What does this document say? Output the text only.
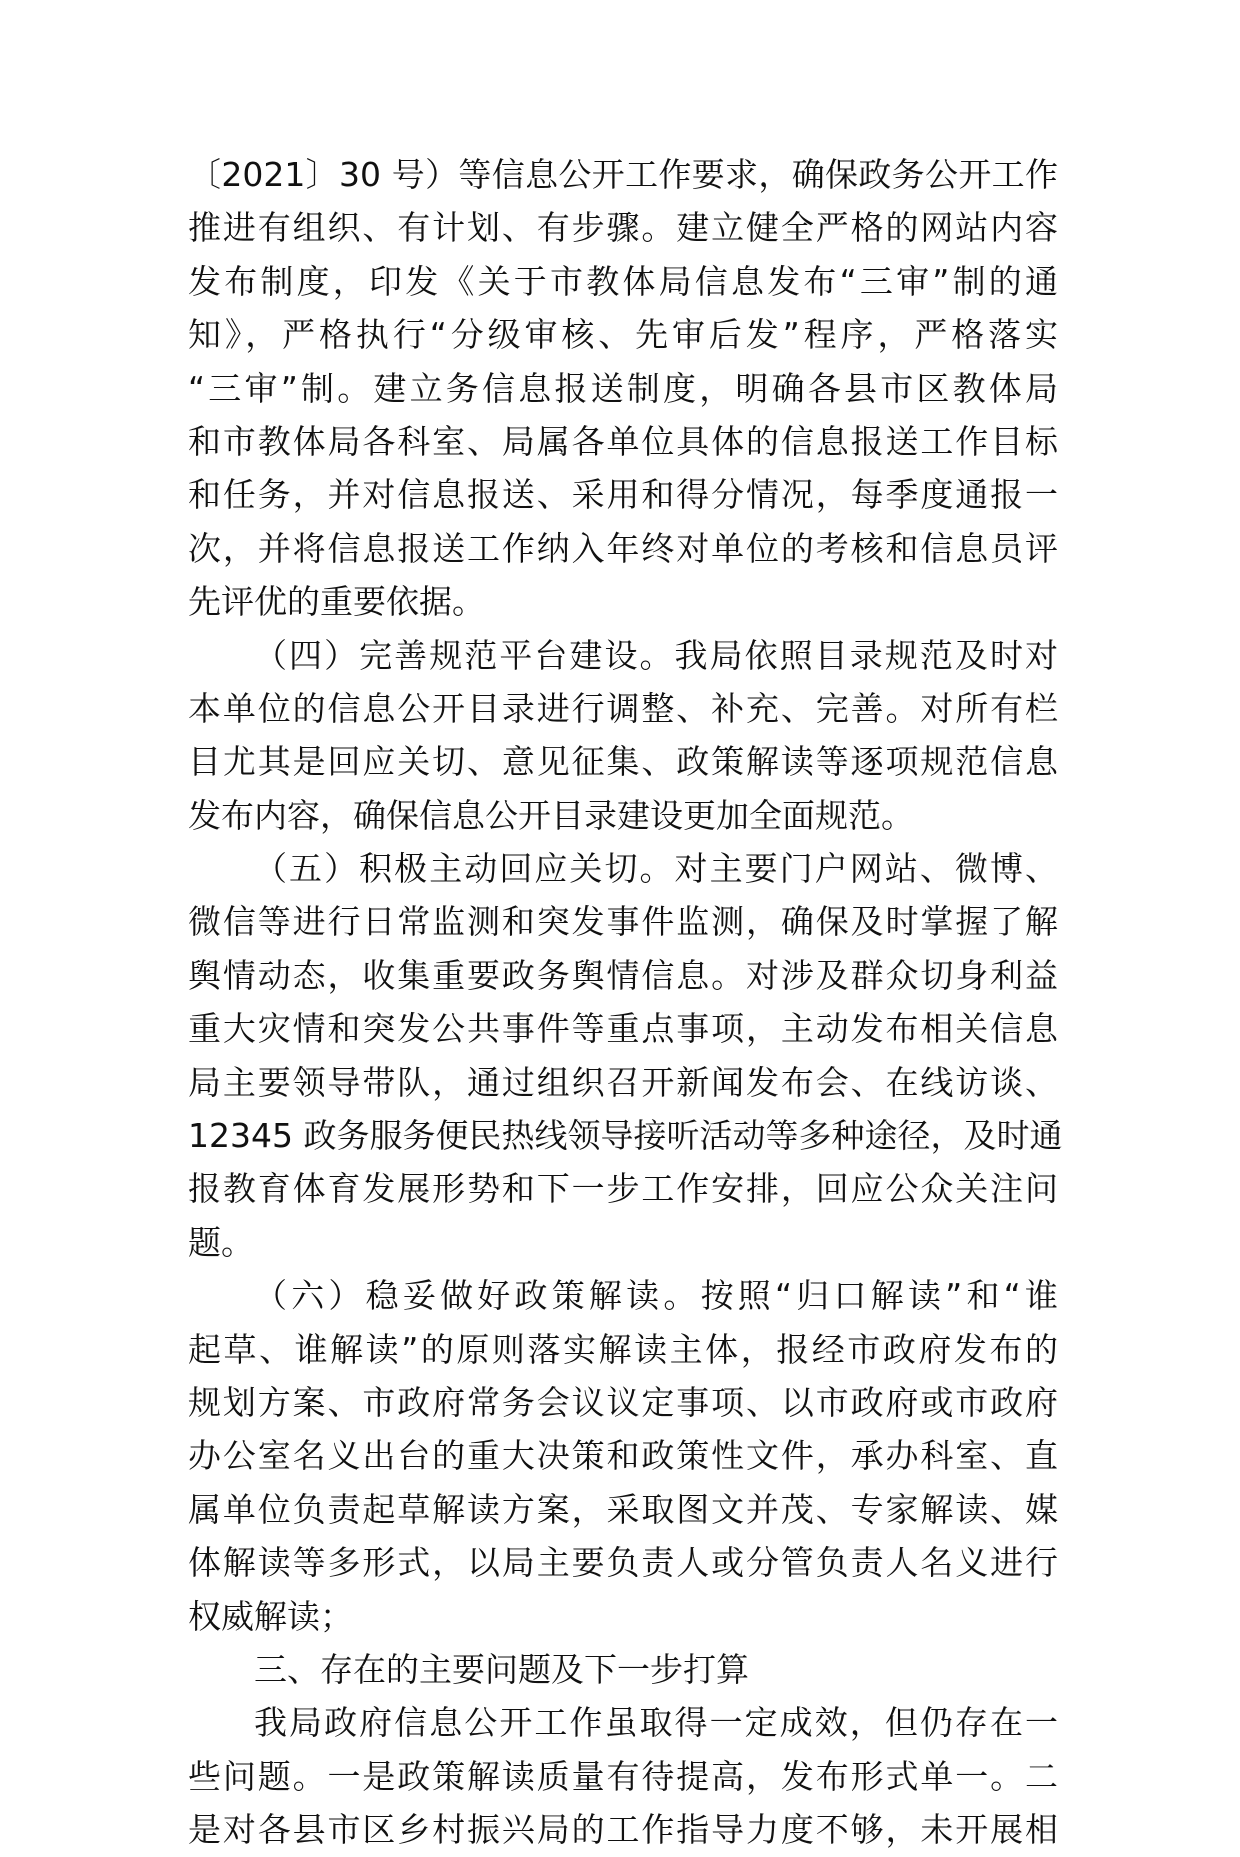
〔2021〕30 号）等信息公开工作要求，确保政务公开工作
推进有组织、有计划、有步骤。建立健全严格的网站内容
发布制度，印发《关于市教体局信息发布“三审”制的通
知》，严格执行“分级审核、先审后发”程序，严格落实
“三审”制。建立务信息报送制度，明确各县市区教体局
和市教体局各科室、局属各单位具体的信息报送工作目标
和任务，并对信息报送、采用和得分情况，每季度通报一
次，并将信息报送工作纳入年终对单位的考核和信息员评
先评优的重要依据。
（四）完善规范平台建设。我局依照目录规范及时对
本单位的信息公开目录进行调整、补充、完善。对所有栏
目尤其是回应关切、意见征集、政策解读等逐项规范信息
发布内容，确保信息公开目录建设更加全面规范。
（五）积极主动回应关切。对主要门户网站、微博、
微信等进行日常监测和突发事件监测，确保及时掌握了解
舆情动态，收集重要政务舆情信息。对涉及群众切身利益
重大灾情和突发公共事件等重点事项，主动发布相关信息
局主要领导带队，通过组织召开新闻发布会、在线访谈、
12345 政务服务便民热线领导接听活动等多种途径，及时通
报教育体育发展形势和下一步工作安排，回应公众关注问
题。
（六）稳妥做好政策解读。按照“归口解读”和“谁
起草、谁解读”的原则落实解读主体，报经市政府发布的
规划方案、市政府常务会议议定事项、以市政府或市政府
办公室名义出台的重大决策和政策性文件，承办科室、直
属单位负责起草解读方案，采取图文并茂、专家解读、媒
体解读等多形式，以局主要负责人或分管负责人名义进行
权威解读；
三、存在的主要问题及下一步打算
我局政府信息公开工作虽取得一定成效，但仍存在一
些问题。一是政策解读质量有待提高，发布形式单一。二
是对各县市区乡村振兴局的工作指导力度不够，未开展相
